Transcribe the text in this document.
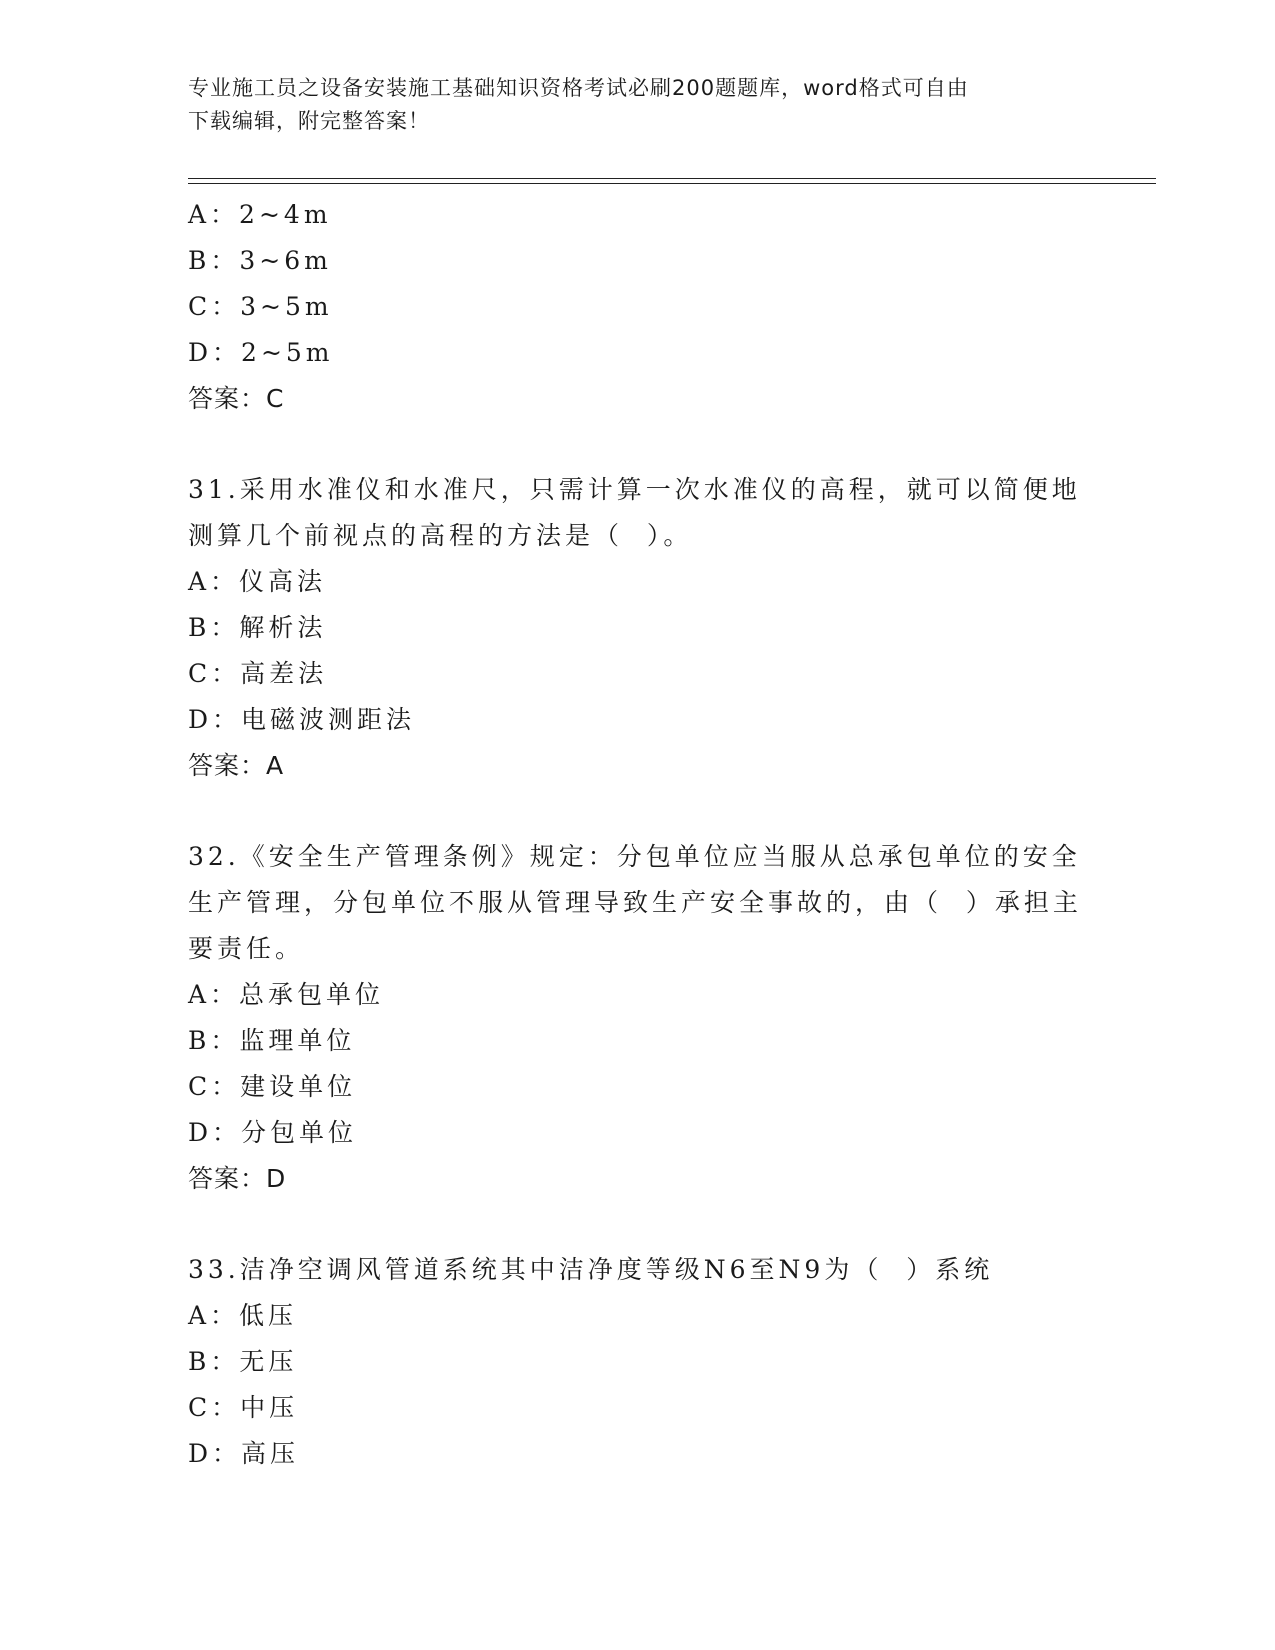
专业施工员之设备安装施工基础知识资格考试必刷200题题库，word格式可自由
下载编辑，附完整答案！
A：2~4m
B：3~6m
C：3~5m
D：2~5m
答案：C
31.采用水准仪和水准尺，只需计算一次水准仪的高程，就可以简便地
测算几个前视点的高程的方法是（  ）。
A：仪高法
B：解析法
C：高差法
D：电磁波测距法
答案：A
32.《安全生产管理条例》规定：分包单位应当服从总承包单位的安全
生产管理，分包单位不服从管理导致生产安全事故的，由（  ）承担主
要责任。
A：总承包单位
B：监理单位
C：建设单位
D：分包单位
答案：D
33.洁净空调风管道系统其中洁净度等级N6至N9为（  ）系统
A：低压
B：无压
C：中压
D：高压
